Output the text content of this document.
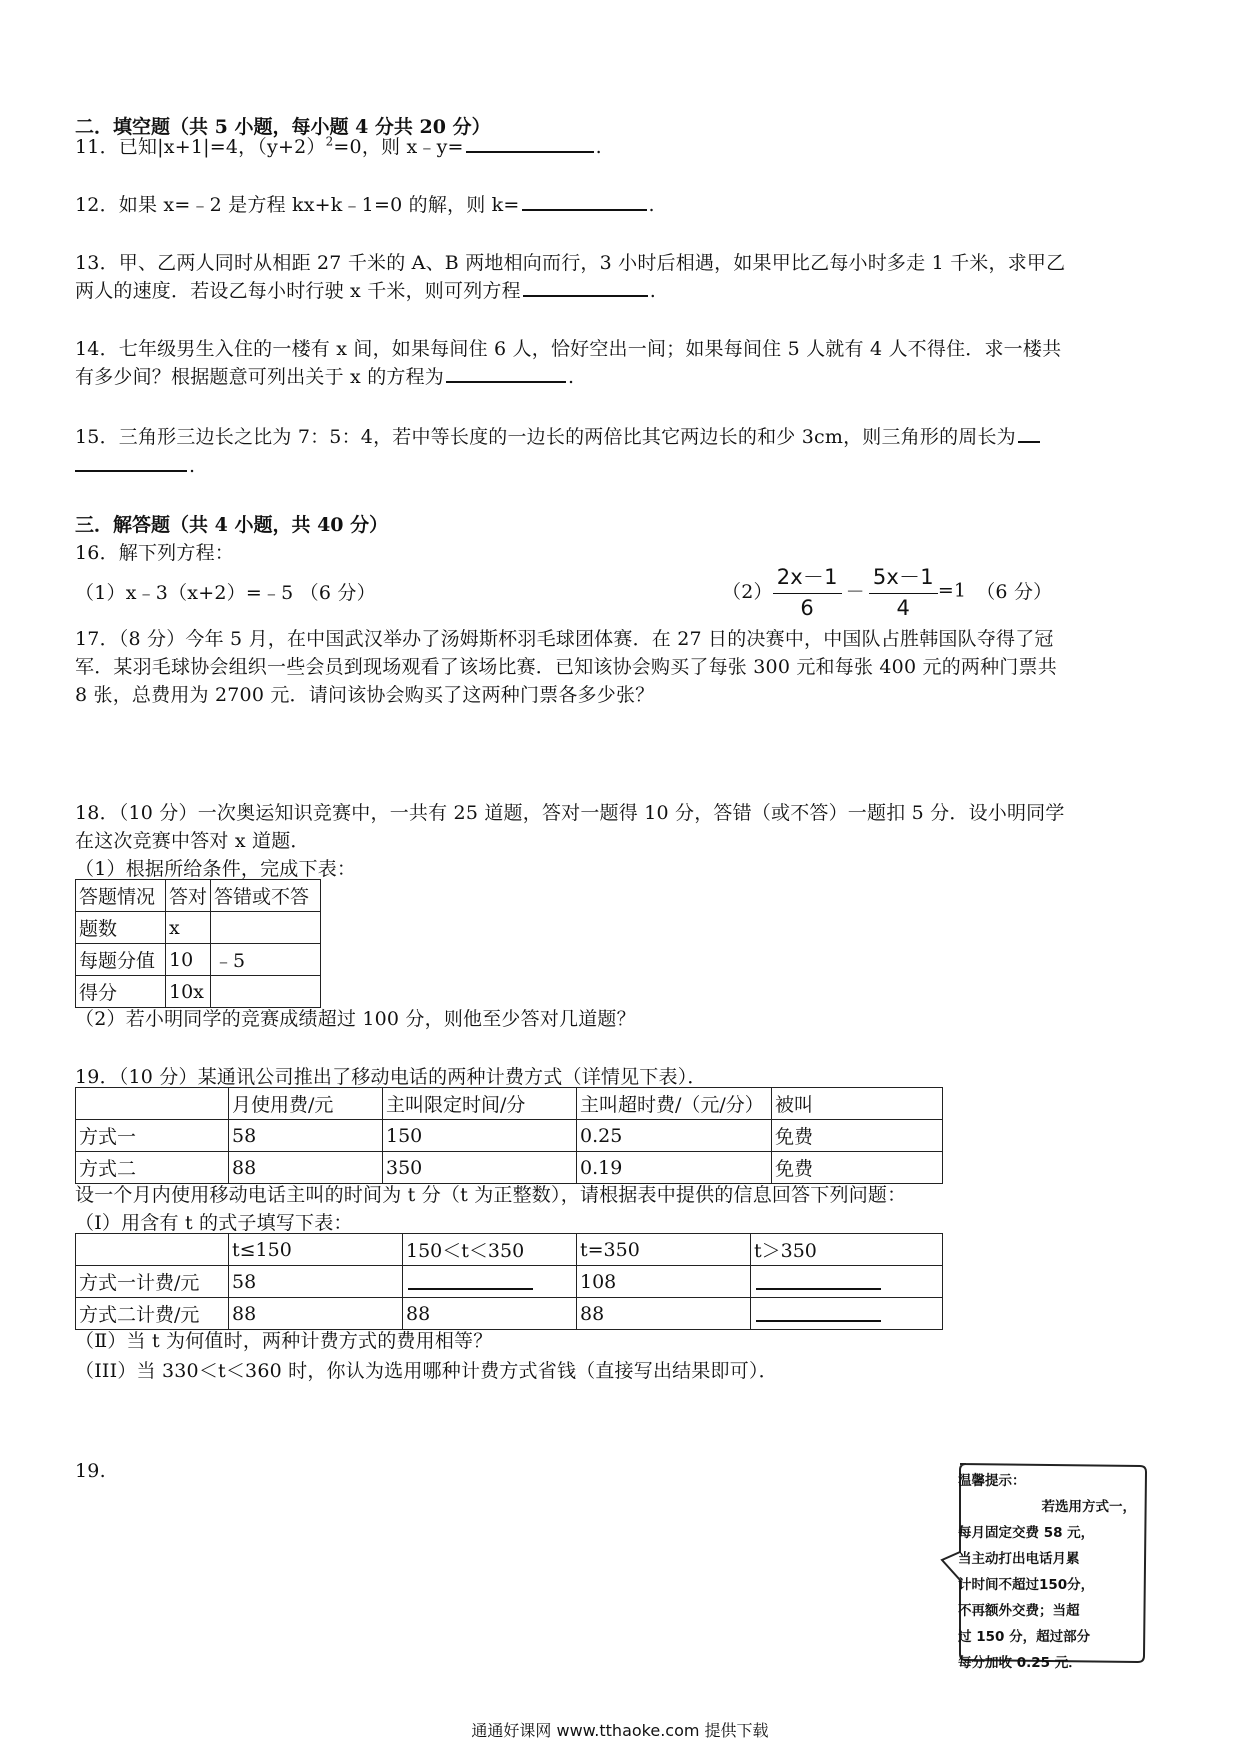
二．填空题（共 5 小题，每小题 4 分共 20 分）
11．已知|x+1|=4，$(y+2)^2=0$，则 x﹣y=	.
12．如果 x=﹣2 是方程 kx+k﹣1=0 的解，则 k=	.
13．甲、乙两人同时从相距 27 千米的 A、B 两地相向而行，3 小时后相遇，如果甲比乙每小时多走 1 千米，求甲乙
两人的速度．若设乙每小时行驶 x 千米，则可列方程	.
14．七年级男生入住的一楼有 x 间，如果每间住 6 人，恰好空出一间；如果每间住 5 人就有 4 人不得住．求一楼共
有多少间？根据题意可列出关于 x 的方程为	.
15．三角形三边长之比为 7：5：4，若中等长度的一边长的两倍比其它两边长的和少 3cm，则三角形的周长为
.
三．解答题（共 4 小题，共 40 分）
16．解下列方程：
（1）x﹣3（x+2）=﹣5 （6 分）	$(2) \frac{2x-1}{6} - \frac{5x-1}{4} =1$ （6 分）
17．（8 分）今年 5 月，在中国武汉举办了汤姆斯杯羽毛球团体赛．在 27 日的决赛中，中国队占胜韩国队夺得了冠
军．某羽毛球协会组织一些会员到现场观看了该场比赛．已知该协会购买了每张 300 元和每张 400 元的两种门票共
8 张，总费用为 2700 元．请问该协会购买了这两种门票各多少张？
18．（10 分）一次奥运知识竞赛中，一共有 25 道题，答对一题得 10 分，答错（或不答）一题扣 5 分．设小明同学
在这次竞赛中答对 x 道题．
（1）根据所给条件，完成下表：
答题情况	答对	答错或不答
题数	x	
每题分值	10	﹣5
得分	10x	
（2）若小明同学的竞赛成绩超过 100 分，则他至少答对几道题？
19．（10 分）某通讯公司推出了移动电话的两种计费方式（详情见下表）．
	月使用费/元	主叫限定时间/分	主叫超时费/（元/分）	被叫
方式一	58	150	0.25	免费
方式二	88	350	0.19	免费
设一个月内使用移动电话主叫的时间为 t 分（t 为正整数），请根据表中提供的信息回答下列问题：
（Ⅰ）用含有 t 的式子填写下表：
	t≤150	150＜t＜350	t=350	t＞350
方式一计费/元	58		108	
方式二计费/元	88	88	88	
（Ⅱ）当 t 为何值时，两种计费方式的费用相等？
（III）当 330＜t＜360 时，你认为选用哪种计费方式省钱（直接写出结果即可）．
19.	温馨提示：
若选用方式一，
每月固定交费 58 元，
当主动打出电话月累
计时间不超过150分，
不再额外交费；当超
过 150 分，超过部分
每分加收 0.25 元．
通通好课网 www.tthaoke.com 提供下载
